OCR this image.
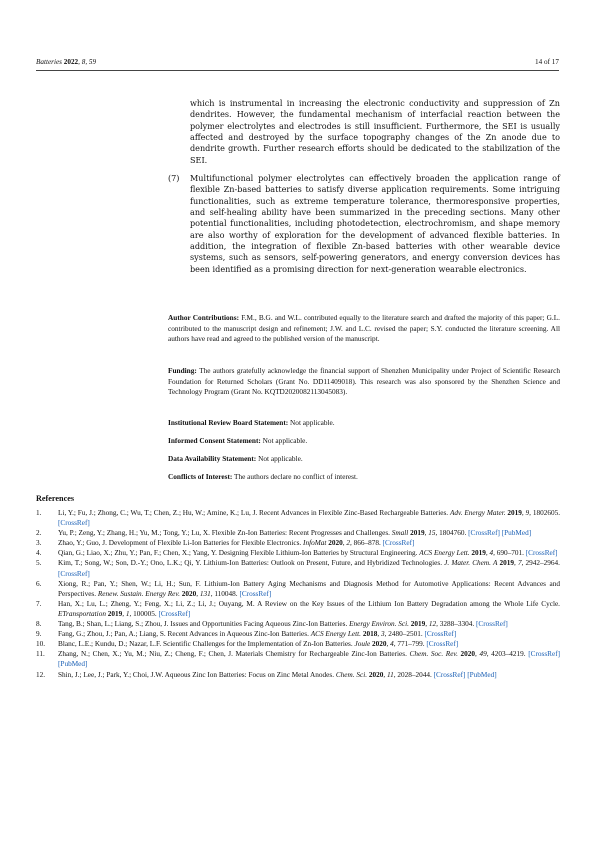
Batteries 2022, 8, 59	14 of 17
which is instrumental in increasing the electronic conductivity and suppression of Zn dendrites. However, the fundamental mechanism of interfacial reaction between the polymer electrolytes and electrodes is still insufficient. Furthermore, the SEI is usually affected and destroyed by the surface topography changes of the Zn anode due to dendrite growth. Further research efforts should be dedicated to the stabilization of the SEI.
(7) Multifunctional polymer electrolytes can effectively broaden the application range of flexible Zn-based batteries to satisfy diverse application requirements. Some intriguing functionalities, such as extreme temperature tolerance, thermoresponsive properties, and self-healing ability have been summarized in the preceding sections. Many other potential functionalities, including photodetection, electrochromism, and shape memory are also worthy of exploration for the development of advanced flexible batteries. In addition, the integration of flexible Zn-based batteries with other wearable device systems, such as sensors, self-powering generators, and energy conversion devices has been identified as a promising direction for next-generation wearable electronics.
Author Contributions: F.M., B.G. and W.L. contributed equally to the literature search and drafted the majority of this paper; G.L. contributed to the manuscript design and refinement; J.W. and L.C. revised the paper; S.Y. conducted the literature screening. All authors have read and agreed to the published version of the manuscript.
Funding: The authors gratefully acknowledge the financial support of Shenzhen Municipality under Project of Scientific Research Foundation for Returned Scholars (Grant No. DD11409018). This research was also sponsored by the Shenzhen Science and Technology Program (Grant No. KQTD2020082113045083).
Institutional Review Board Statement: Not applicable.
Informed Consent Statement: Not applicable.
Data Availability Statement: Not applicable.
Conflicts of Interest: The authors declare no conflict of interest.
References
1. Li, Y.; Fu, J.; Zhong, C.; Wu, T.; Chen, Z.; Hu, W.; Amine, K.; Lu, J. Recent Advances in Flexible Zinc-Based Rechargeable Batteries. Adv. Energy Mater. 2019, 9, 1802605. [CrossRef]
2. Yu, P.; Zeng, Y.; Zhang, H.; Yu, M.; Tong, Y.; Lu, X. Flexible Zn-Ion Batteries: Recent Progresses and Challenges. Small 2019, 15, 1804760. [CrossRef] [PubMed]
3. Zhao, Y.; Guo, J. Development of Flexible Li-Ion Batteries for Flexible Electronics. InfoMat 2020, 2, 866–878. [CrossRef]
4. Qian, G.; Liao, X.; Zhu, Y.; Pan, F.; Chen, X.; Yang, Y. Designing Flexible Lithium-Ion Batteries by Structural Engineering. ACS Energy Lett. 2019, 4, 690–701. [CrossRef]
5. Kim, T.; Song, W.; Son, D.-Y.; Ono, L.K.; Qi, Y. Lithium-Ion Batteries: Outlook on Present, Future, and Hybridized Technologies. J. Mater. Chem. A 2019, 7, 2942–2964. [CrossRef]
6. Xiong, R.; Pan, Y.; Shen, W.; Li, H.; Sun, F. Lithium-Ion Battery Aging Mechanisms and Diagnosis Method for Automotive Applications: Recent Advances and Perspectives. Renew. Sustain. Energy Rev. 2020, 131, 110048. [CrossRef]
7. Han, X.; Lu, L.; Zheng, Y.; Feng, X.; Li, Z.; Li, J.; Ouyang, M. A Review on the Key Issues of the Lithium Ion Battery Degradation among the Whole Life Cycle. ETransportation 2019, 1, 100005. [CrossRef]
8. Tang, B.; Shan, L.; Liang, S.; Zhou, J. Issues and Opportunities Facing Aqueous Zinc-Ion Batteries. Energy Environ. Sci. 2019, 12, 3288–3304. [CrossRef]
9. Fang, G.; Zhou, J.; Pan, A.; Liang, S. Recent Advances in Aqueous Zinc-Ion Batteries. ACS Energy Lett. 2018, 3, 2480–2501. [CrossRef]
10. Blanc, L.E.; Kundu, D.; Nazar, L.F. Scientific Challenges for the Implementation of Zn-Ion Batteries. Joule 2020, 4, 771–799. [CrossRef]
11. Zhang, N.; Chen, X.; Yu, M.; Niu, Z.; Cheng, F.; Chen, J. Materials Chemistry for Rechargeable Zinc-Ion Batteries. Chem. Soc. Rev. 2020, 49, 4203–4219. [CrossRef] [PubMed]
12. Shin, J.; Lee, J.; Park, Y.; Choi, J.W. Aqueous Zinc Ion Batteries: Focus on Zinc Metal Anodes. Chem. Sci. 2020, 11, 2028–2044. [CrossRef] [PubMed]
